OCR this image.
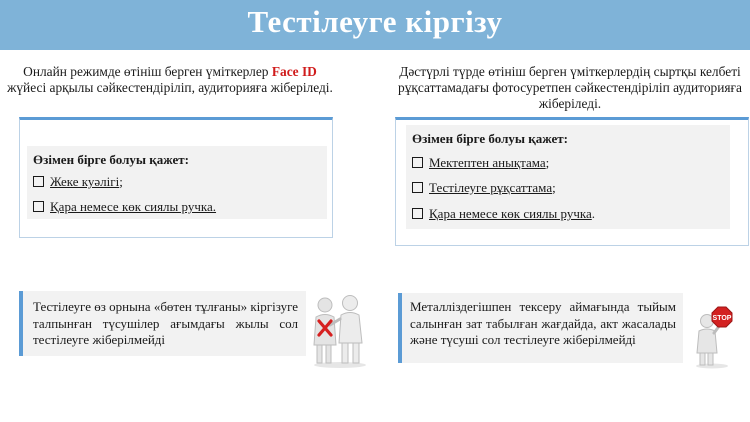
Тестілеуге кіргізу
Онлайн режимде өтініш берген үміткерлер Face ID жүйесі арқылы сәйкестендіріліп, аудиторияға жіберіледі.
Дәстүрлі түрде өтініш берген үміткерлердің сыртқы келбеті рұқсаттамадағы фотосуретпен сәйкестендіріліп аудиторияға жіберіледі.
Өзімен бірге болуы қажет:
Жеке куәлігі;
Қара немесе көк сиялы ручка.
Өзімен бірге болуы қажет:
Мектептен анықтама;
Тестілеуге рұқсаттама;
Қара немесе көк сиялы ручка.
Тестілеуге өз орнына «бөтен тұлғаны» кіргізуге талпынған түсушілер ағымдағы жылы сол тестілеуге жіберілмейді
Металліздегішпен тексеру аймағында тыйым салынған зат табылған жағдайда, акт жасалады және түсуші сол тестілеуге жіберілмейді
STOP
